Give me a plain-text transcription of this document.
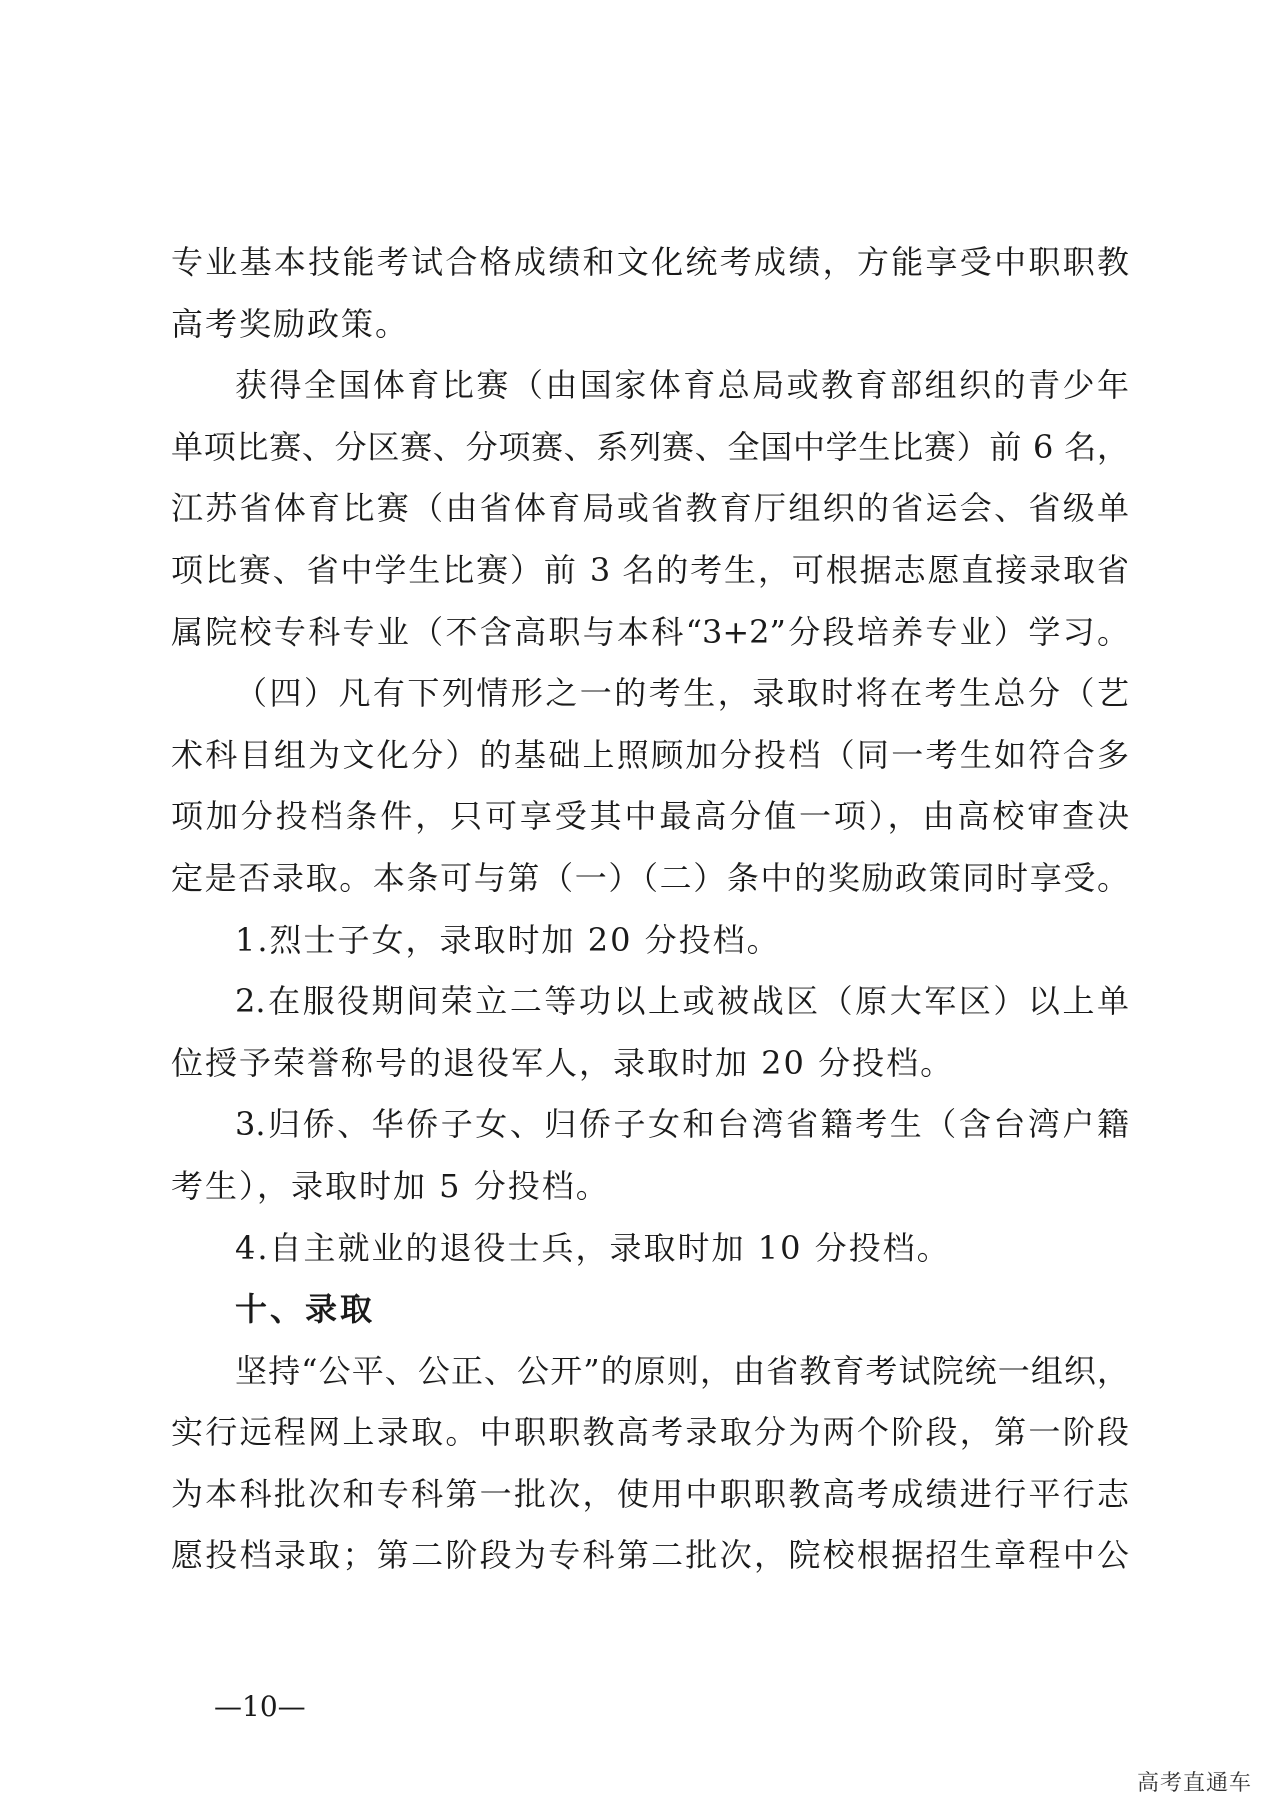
专业基本技能考试合格成绩和文化统考成绩，方能享受中职职教
高考奖励政策。
获得全国体育比赛（由国家体育总局或教育部组织的青少年
单项比赛、分区赛、分项赛、系列赛、全国中学生比赛）前 6 名，
江苏省体育比赛（由省体育局或省教育厅组织的省运会、省级单
项比赛、省中学生比赛）前 3 名的考生，可根据志愿直接录取省
属院校专科专业（不含高职与本科“3+2”分段培养专业）学习。
（四）凡有下列情形之一的考生，录取时将在考生总分（艺
术科目组为文化分）的基础上照顾加分投档（同一考生如符合多
项加分投档条件，只可享受其中最高分值一项），由高校审查决
定是否录取。本条可与第（一）（二）条中的奖励政策同时享受。
1.烈士子女，录取时加 20 分投档。
2.在服役期间荣立二等功以上或被战区（原大军区）以上单
位授予荣誉称号的退役军人，录取时加 20 分投档。
3.归侨、华侨子女、归侨子女和台湾省籍考生（含台湾户籍
考生），录取时加 5 分投档。
4.自主就业的退役士兵，录取时加 10 分投档。
十、录取
坚持“公平、公正、公开”的原则，由省教育考试院统一组织，
实行远程网上录取。中职职教高考录取分为两个阶段，第一阶段
为本科批次和专科第一批次，使用中职职教高考成绩进行平行志
愿投档录取；第二阶段为专科第二批次，院校根据招生章程中公
—10—
高考直通车
